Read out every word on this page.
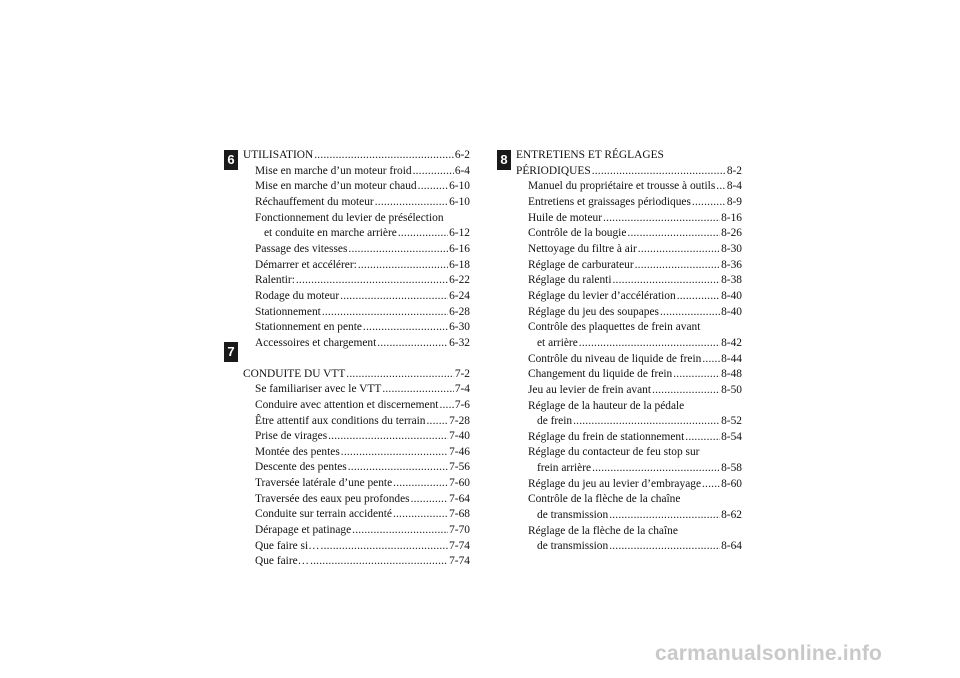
6
7
8
UTILISATION .....	6-2
Mise en marche d’un moteur froid .....	6-4
Mise en marche d’un moteur chaud .....	6-10
Réchauffement du moteur .....	6-10
Fonctionnement du levier de présélection
et conduite en marche arrière .....	6-12
Passage des vitesses .....	6-16
Démarrer et accélérer: .....	6-18
Ralentir: .....	6-22
Rodage du moteur .....	6-24
Stationnement .....	6-28
Stationnement en pente .....	6-30
Accessoires et chargement .....	6-32
CONDUITE DU VTT .....	7-2
Se familiariser avec le VTT .....	7-4
Conduire avec attention et discernement ..... 7-6
Être attentif aux conditions du terrain ..... 7-28
Prise de virages .....	7-40
Montée des pentes .....	7-46
Descente des pentes .....	7-56
Traversée latérale d’une pente .....	7-60
Traversée des eaux peu profondes .....	7-64
Conduite sur terrain accidenté .....	7-68
Dérapage et patinage .....	7-70
Que faire si… .....	7-74
Que faire… .....	7-74
ENTRETIENS ET RÉGLAGES
PÉRIODIQUES .....	8-2
Manuel du propriétaire et trousse à outils ..... 8-4
Entretiens et graissages périodiques .....	8-9
Huile de moteur .....	8-16
Contrôle de la bougie .....	8-26
Nettoyage du filtre à air .....	8-30
Réglage de carburateur .....	8-36
Réglage du ralenti .....	8-38
Réglage du levier d’accélération .....	8-40
Réglage du jeu des soupapes .....	8-40
Contrôle des plaquettes de frein avant
et arrière .....	8-42
Contrôle du niveau de liquide de frein ..... 8-44
Changement du liquide de frein .....	8-48
Jeu au levier de frein avant .....	8-50
Réglage de la hauteur de la pédale
de frein .....	8-52
Réglage du frein de stationnement .....	8-54
Réglage du contacteur de feu stop sur
frein arrière .....	8-58
Réglage du jeu au levier d’embrayage ..... 8-60
Contrôle de la flèche de la chaîne
de transmission .....	8-62
Réglage de la flèche de la chaîne
de transmission .....	8-64
carmanualsonline.info
